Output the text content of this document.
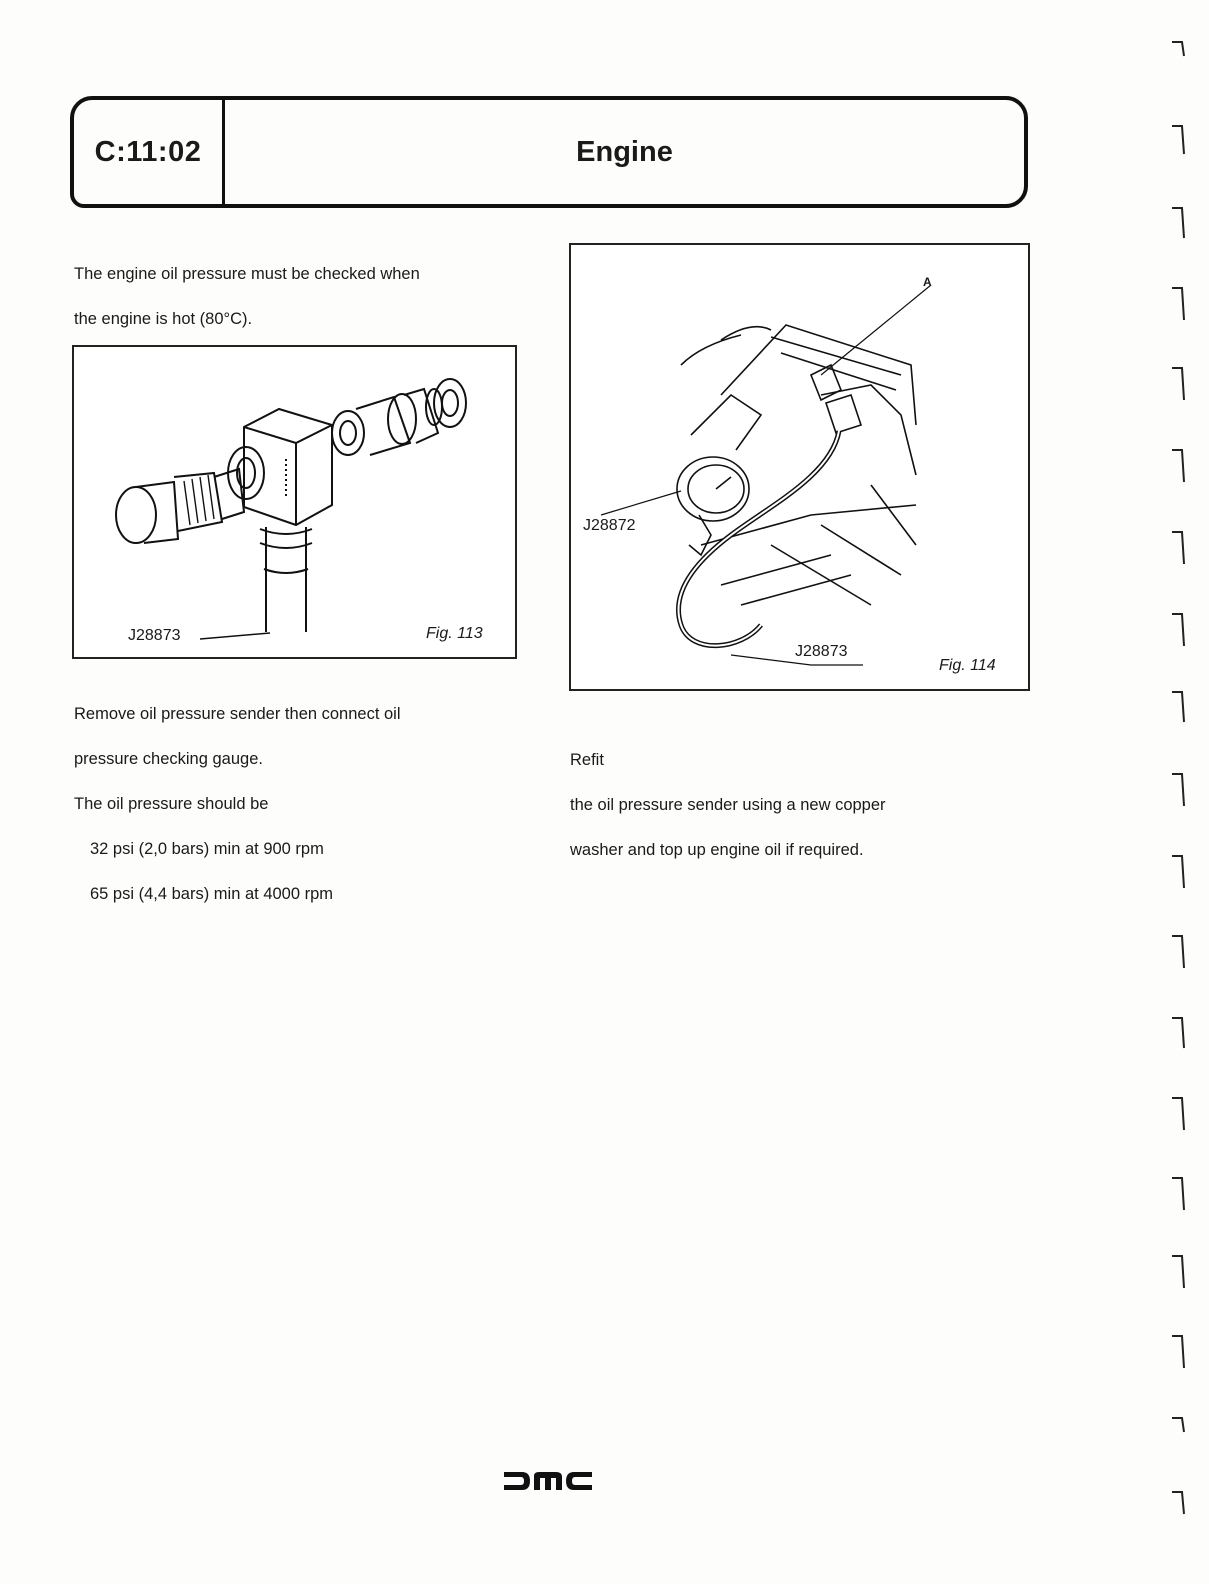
C:11:02	Engine

The engine oil pressure must be checked when

the engine is hot (80°C).

J28873	Fig. 113
A
J28872
J28873
Fig. 114

Remove oil pressure sender then connect oil

pressure checking gauge.

The oil pressure should be

32 psi (2,0 bars) min at 900 rpm

65 psi (4,4 bars) min at 4000 rpm

Refit

the oil pressure sender using a new copper

washer and top up engine oil if required.
